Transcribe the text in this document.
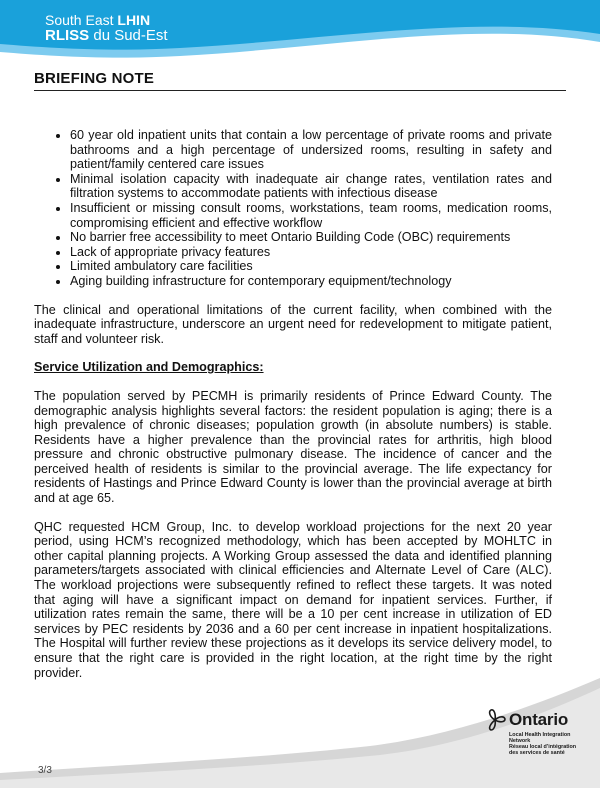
South East LHIN
RLISS du Sud-Est
BRIEFING NOTE
• 60 year old inpatient units that contain a low percentage of private rooms and private bathrooms and a high percentage of undersized rooms, resulting in safety and patient/family centered care issues
• Minimal isolation capacity with inadequate air change rates, ventilation rates and filtration systems to accommodate patients with infectious disease
• Insufficient or missing consult rooms, workstations, team rooms, medication rooms, compromising efficient and effective workflow
• No barrier free accessibility to meet Ontario Building Code (OBC) requirements
• Lack of appropriate privacy features
• Limited ambulatory care facilities
• Aging building infrastructure for contemporary equipment/technology

The clinical and operational limitations of the current facility, when combined with the inadequate infrastructure, underscore an urgent need for redevelopment to mitigate patient, staff and volunteer risk.

Service Utilization and Demographics:

The population served by PECMH is primarily residents of Prince Edward County. The demographic analysis highlights several factors: the resident population is aging; there is a high prevalence of chronic diseases; population growth (in absolute numbers) is stable. Residents have a higher prevalence than the provincial rates for arthritis, high blood pressure and chronic obstructive pulmonary disease. The incidence of cancer and the perceived health of residents is similar to the provincial average. The life expectancy for residents of Hastings and Prince Edward County is lower than the provincial average at birth and at age 65.

QHC requested HCM Group, Inc. to develop workload projections for the next 20 year period, using HCM’s recognized methodology, which has been accepted by MOHLTC in other capital planning projects. A Working Group assessed the data and identified planning parameters/targets associated with clinical efficiencies and Alternate Level of Care (ALC). The workload projections were subsequently refined to reflect these targets. It was noted that aging will have a significant impact on demand for inpatient services. Further, if utilization rates remain the same, there will be a 10 per cent increase in utilization of ED services by PEC residents by 2036 and a 60 per cent increase in inpatient hospitalizations. The Hospital will further review these projections as it develops its service delivery model, to ensure that the right care is provided in the right location, at the right time by the right provider.

3/3
Ontario
Local Health Integration
Network
Réseau local d’intégration
des services de santé
